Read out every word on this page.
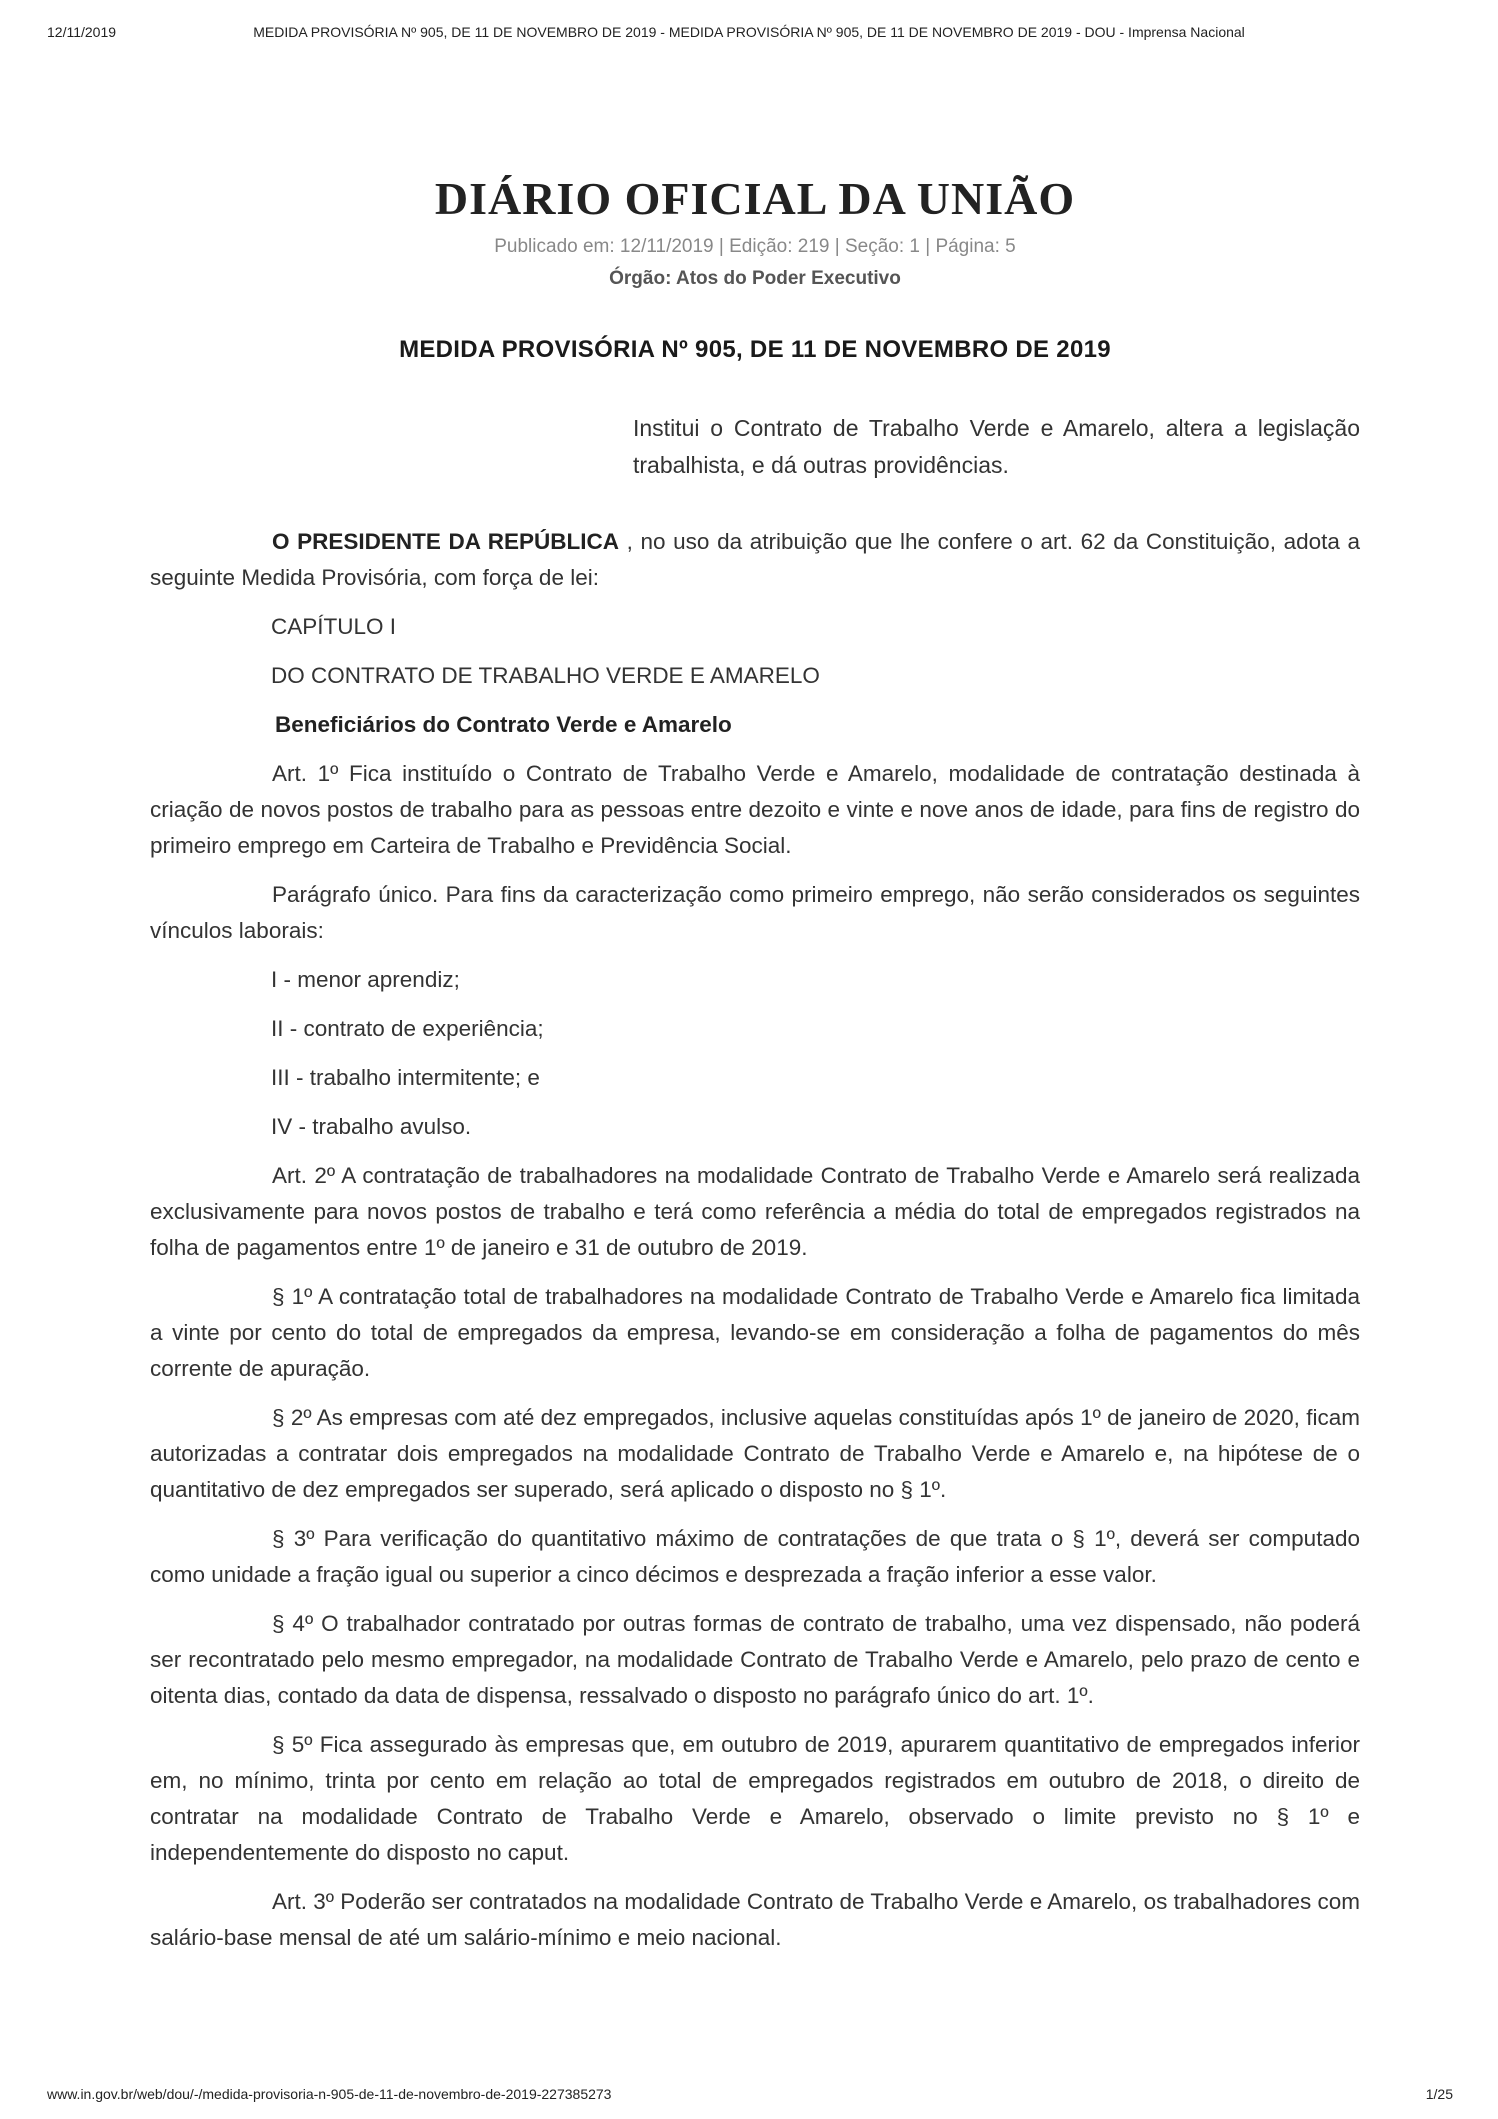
12/11/2019	MEDIDA PROVISÓRIA Nº 905, DE 11 DE NOVEMBRO DE 2019 - MEDIDA PROVISÓRIA Nº 905, DE 11 DE NOVEMBRO DE 2019 - DOU - Imprensa Nacional
DIÁRIO OFICIAL DA UNIÃO
Publicado em: 12/11/2019 | Edição: 219 | Seção: 1 | Página: 5
Órgão: Atos do Poder Executivo
MEDIDA PROVISÓRIA Nº 905, DE 11 DE NOVEMBRO DE 2019
Institui o Contrato de Trabalho Verde e Amarelo, altera a legislação trabalhista, e dá outras providências.

O PRESIDENTE DA REPÚBLICA , no uso da atribuição que lhe confere o art. 62 da Constituição, adota a seguinte Medida Provisória, com força de lei:

CAPÍTULO I

DO CONTRATO DE TRABALHO VERDE E AMARELO

Beneficiários do Contrato Verde e Amarelo

Art. 1º Fica instituído o Contrato de Trabalho Verde e Amarelo, modalidade de contratação destinada à criação de novos postos de trabalho para as pessoas entre dezoito e vinte e nove anos de idade, para fins de registro do primeiro emprego em Carteira de Trabalho e Previdência Social.

Parágrafo único. Para fins da caracterização como primeiro emprego, não serão considerados os seguintes vínculos laborais:

I - menor aprendiz;

II - contrato de experiência;

III - trabalho intermitente; e

IV - trabalho avulso.

Art. 2º A contratação de trabalhadores na modalidade Contrato de Trabalho Verde e Amarelo será realizada exclusivamente para novos postos de trabalho e terá como referência a média do total de empregados registrados na folha de pagamentos entre 1º de janeiro e 31 de outubro de 2019.

§ 1º A contratação total de trabalhadores na modalidade Contrato de Trabalho Verde e Amarelo fica limitada a vinte por cento do total de empregados da empresa, levando-se em consideração a folha de pagamentos do mês corrente de apuração.

§ 2º As empresas com até dez empregados, inclusive aquelas constituídas após 1º de janeiro de 2020, ficam autorizadas a contratar dois empregados na modalidade Contrato de Trabalho Verde e Amarelo e, na hipótese de o quantitativo de dez empregados ser superado, será aplicado o disposto no § 1º.

§ 3º Para verificação do quantitativo máximo de contratações de que trata o § 1º, deverá ser computado como unidade a fração igual ou superior a cinco décimos e desprezada a fração inferior a esse valor.

§ 4º O trabalhador contratado por outras formas de contrato de trabalho, uma vez dispensado, não poderá ser recontratado pelo mesmo empregador, na modalidade Contrato de Trabalho Verde e Amarelo, pelo prazo de cento e oitenta dias, contado da data de dispensa, ressalvado o disposto no parágrafo único do art. 1º.

§ 5º Fica assegurado às empresas que, em outubro de 2019, apurarem quantitativo de empregados inferior em, no mínimo, trinta por cento em relação ao total de empregados registrados em outubro de 2018, o direito de contratar na modalidade Contrato de Trabalho Verde e Amarelo, observado o limite previsto no § 1º e independentemente do disposto no caput.

Art. 3º Poderão ser contratados na modalidade Contrato de Trabalho Verde e Amarelo, os trabalhadores com salário-base mensal de até um salário-mínimo e meio nacional.

www.in.gov.br/web/dou/-/medida-provisoria-n-905-de-11-de-novembro-de-2019-227385273	1/25
